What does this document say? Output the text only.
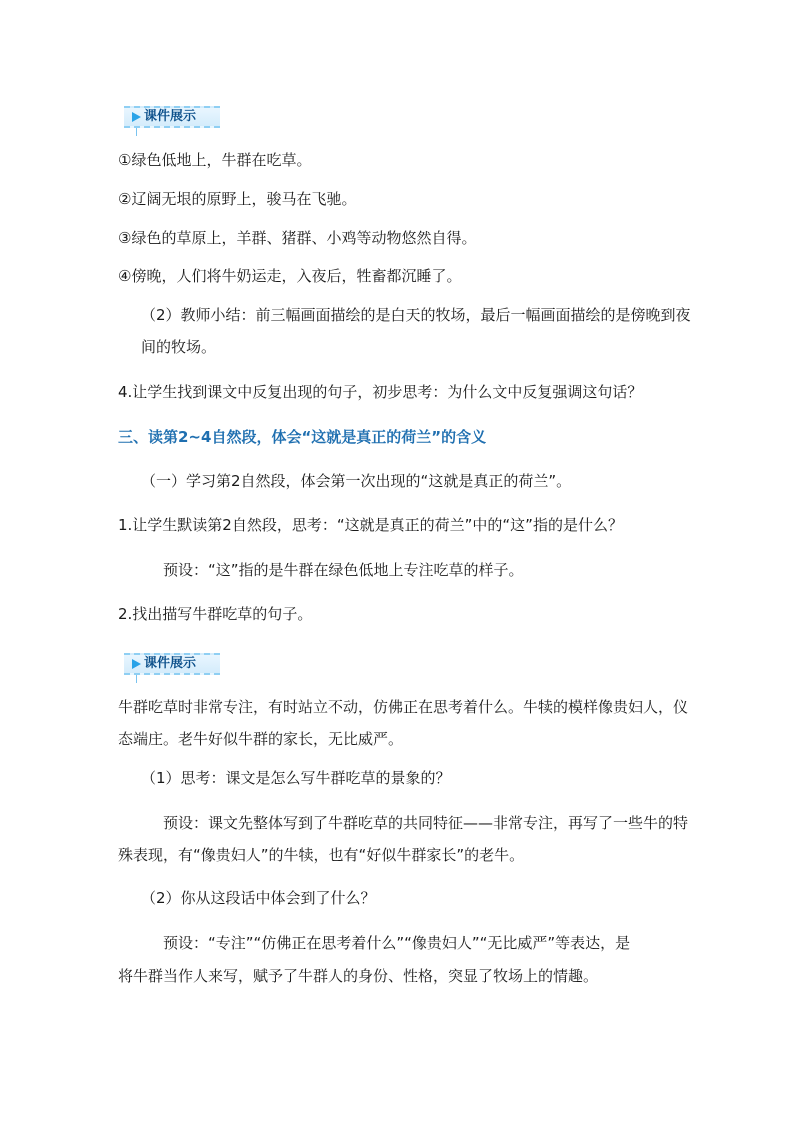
课件展示
①绿色低地上，牛群在吃草。
②辽阔无垠的原野上，骏马在飞驰。
③绿色的草原上，羊群、猪群、小鸡等动物悠然自得。
④傍晚，人们将牛奶运走，入夜后，牲畜都沉睡了。
（2）教师小结：前三幅画面描绘的是白天的牧场，最后一幅画面描绘的是傍晚到夜
间的牧场。
4.让学生找到课文中反复出现的句子，初步思考：为什么文中反复强调这句话？
三、读第2~4自然段，体会“这就是真正的荷兰”的含义
（一）学习第2自然段，体会第一次出现的“这就是真正的荷兰”。
1.让学生默读第2自然段，思考：“这就是真正的荷兰”中的“这”指的是什么？
预设：“这”指的是牛群在绿色低地上专注吃草的样子。
2.找出描写牛群吃草的句子。
课件展示
牛群吃草时非常专注，有时站立不动，仿佛正在思考着什么。牛犊的模样像贵妇人，仪
态端庄。老牛好似牛群的家长，无比威严。
（1）思考：课文是怎么写牛群吃草的景象的？
预设：课文先整体写到了牛群吃草的共同特征——非常专注，再写了一些牛的特
殊表现，有“像贵妇人”的牛犊，也有“好似牛群家长”的老牛。
（2）你从这段话中体会到了什么？
预设：“专注”“仿佛正在思考着什么”“像贵妇人”“无比威严”等表达，是
将牛群当作人来写，赋予了牛群人的身份、性格，突显了牧场上的情趣。
